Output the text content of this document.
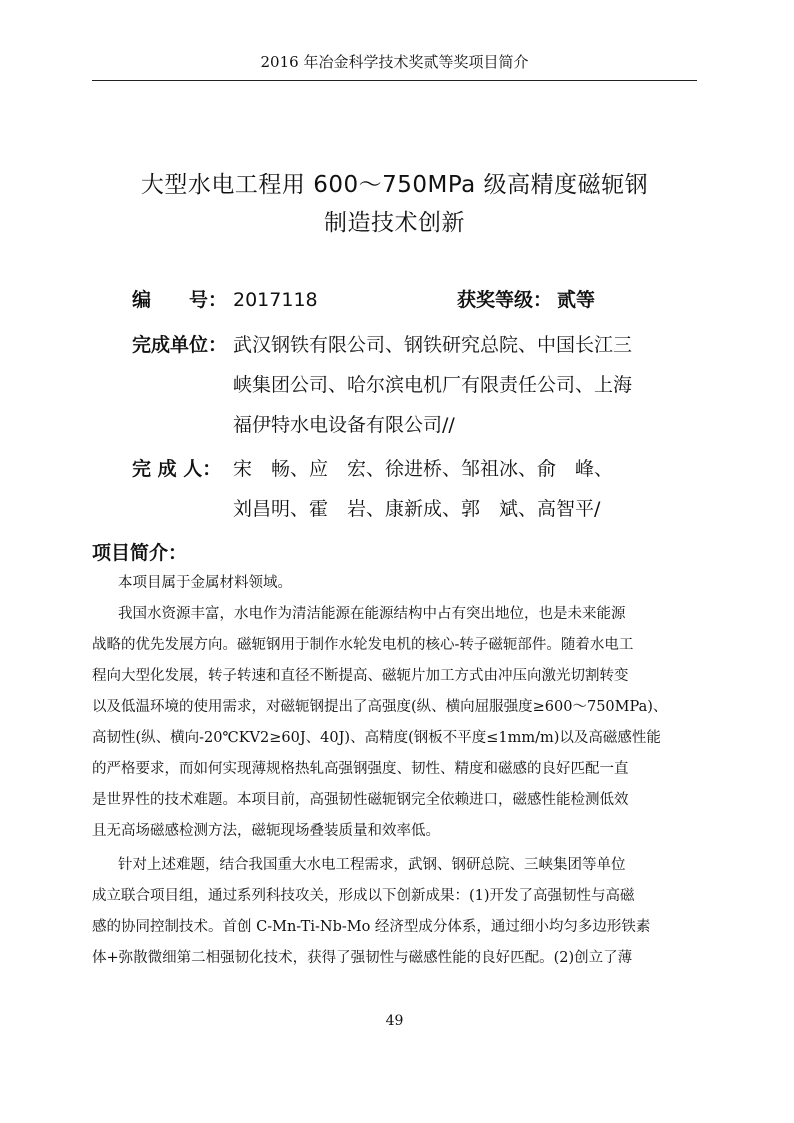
2016 年冶金科学技术奖贰等奖项目简介
大型水电工程用 600～750MPa 级高精度磁轭钢
制造技术创新
编　　号： 2017118	获奖等级： 贰等
完成单位： 武汉钢铁有限公司、钢铁研究总院、中国长江三
峡集团公司、哈尔滨电机厂有限责任公司、上海
福伊特水电设备有限公司//
完 成 人： 宋　畅、应　宏、徐进桥、邹祖冰、俞　峰、
刘昌明、霍　岩、康新成、郭　斌、高智平/
项目简介：
本项目属于金属材料领域。
我国水资源丰富，水电作为清洁能源在能源结构中占有突出地位，也是未来能源
战略的优先发展方向。磁轭钢用于制作水轮发电机的核心-转子磁轭部件。随着水电工
程向大型化发展，转子转速和直径不断提高、磁轭片加工方式由冲压向激光切割转变
以及低温环境的使用需求，对磁轭钢提出了高强度(纵、横向屈服强度≥600～750MPa)、
高韧性(纵、横向-20℃KV2≥60J、40J)、高精度(钢板不平度≤1mm/m)以及高磁感性能
的严格要求，而如何实现薄规格热轧高强钢强度、韧性、精度和磁感的良好匹配一直
是世界性的技术难题。本项目前，高强韧性磁轭钢完全依赖进口，磁感性能检测低效
且无高场磁感检测方法，磁轭现场叠装质量和效率低。
针对上述难题，结合我国重大水电工程需求，武钢、钢研总院、三峡集团等单位
成立联合项目组，通过系列科技攻关，形成以下创新成果：(1)开发了高强韧性与高磁
感的协同控制技术。首创 C-Mn-Ti-Nb-Mo 经济型成分体系，通过细小均匀多边形铁素
体+弥散微细第二相强韧化技术，获得了强韧性与磁感性能的良好匹配。(2)创立了薄
49
